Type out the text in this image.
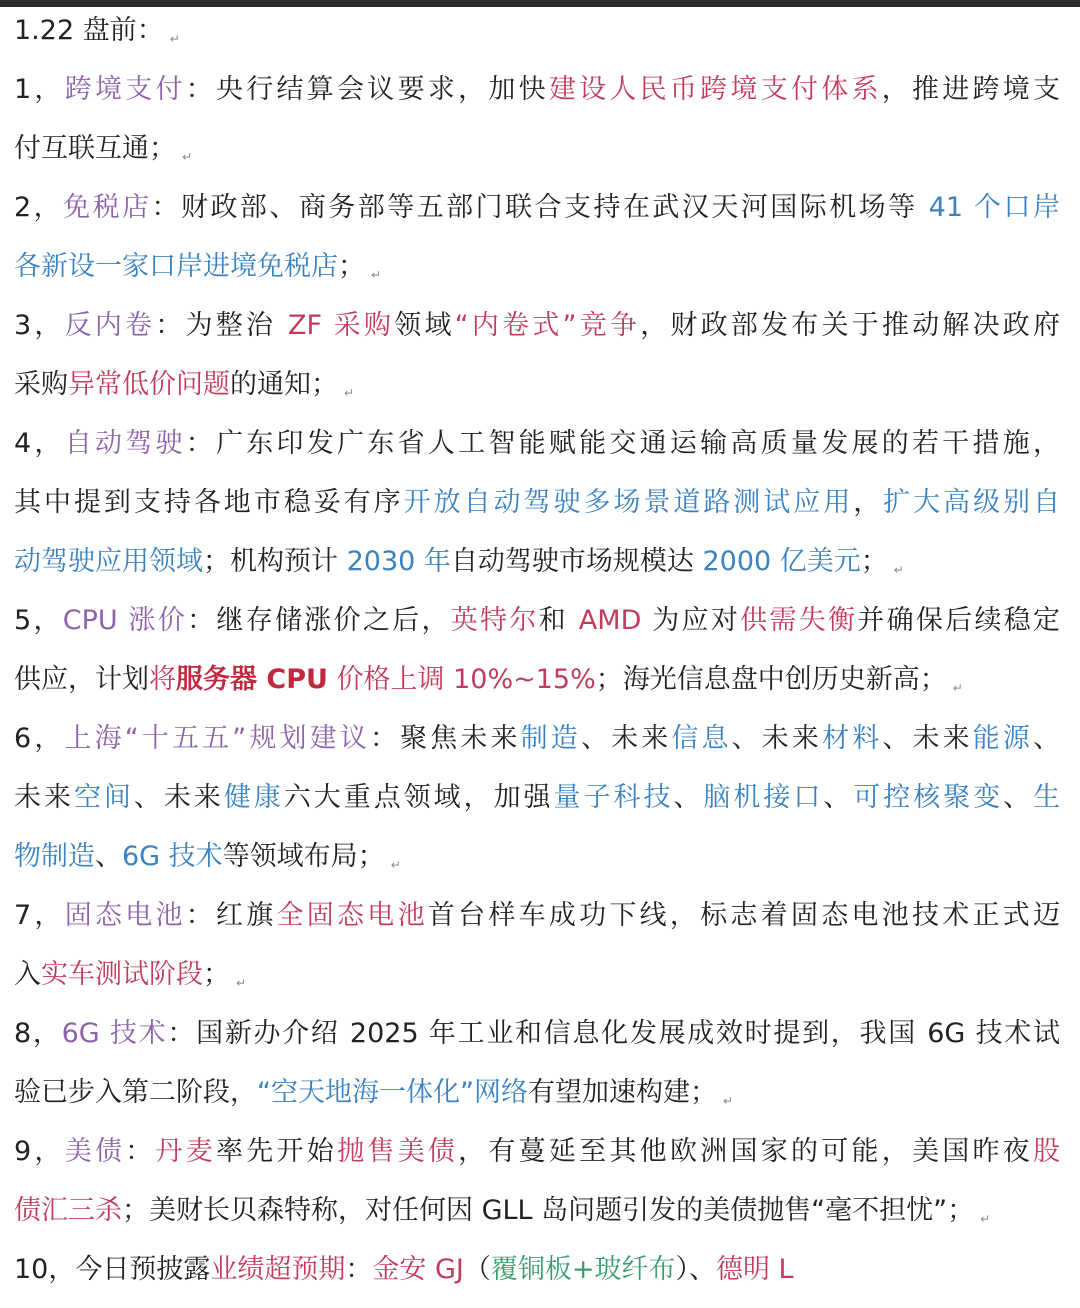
1.22 盘前： ↵
1，跨境支付：央行结算会议要求，加快建设人民币跨境支付体系，推进跨境支
付互联互通； ↵
2，免税店：财政部、商务部等五部门联合支持在武汉天河国际机场等 41 个口岸
各新设一家口岸进境免税店； ↵
3，反内卷：为整治 ZF 采购领域“内卷式”竞争，财政部发布关于推动解决政府
采购异常低价问题的通知； ↵
4，自动驾驶：广东印发广东省人工智能赋能交通运输高质量发展的若干措施，
其中提到支持各地市稳妥有序开放自动驾驶多场景道路测试应用，扩大高级别自
动驾驶应用领域；机构预计 2030 年自动驾驶市场规模达 2000 亿美元； ↵
5，CPU 涨价：继存储涨价之后，英特尔和 AMD 为应对供需失衡并确保后续稳定
供应，计划将服务器 CPU 价格上调 10%~15%；海光信息盘中创历史新高； ↵
6，上海“十五五”规划建议：聚焦未来制造、未来信息、未来材料、未来能源、
未来空间、未来健康六大重点领域，加强量子科技、脑机接口、可控核聚变、生
物制造、6G 技术等领域布局； ↵
7，固态电池：红旗全固态电池首台样车成功下线，标志着固态电池技术正式迈
入实车测试阶段； ↵
8，6G 技术：国新办介绍 2025 年工业和信息化发展成效时提到，我国 6G 技术试
验已步入第二阶段，“空天地海一体化”网络有望加速构建； ↵
9，美债：丹麦率先开始抛售美债，有蔓延至其他欧洲国家的可能，美国昨夜股
债汇三杀；美财长贝森特称，对任何因 GLL 岛问题引发的美债抛售“毫不担忧”； ↵
10，今日预披露业绩超预期：金安 GJ（覆铜板+玻纤布）、德明 L
